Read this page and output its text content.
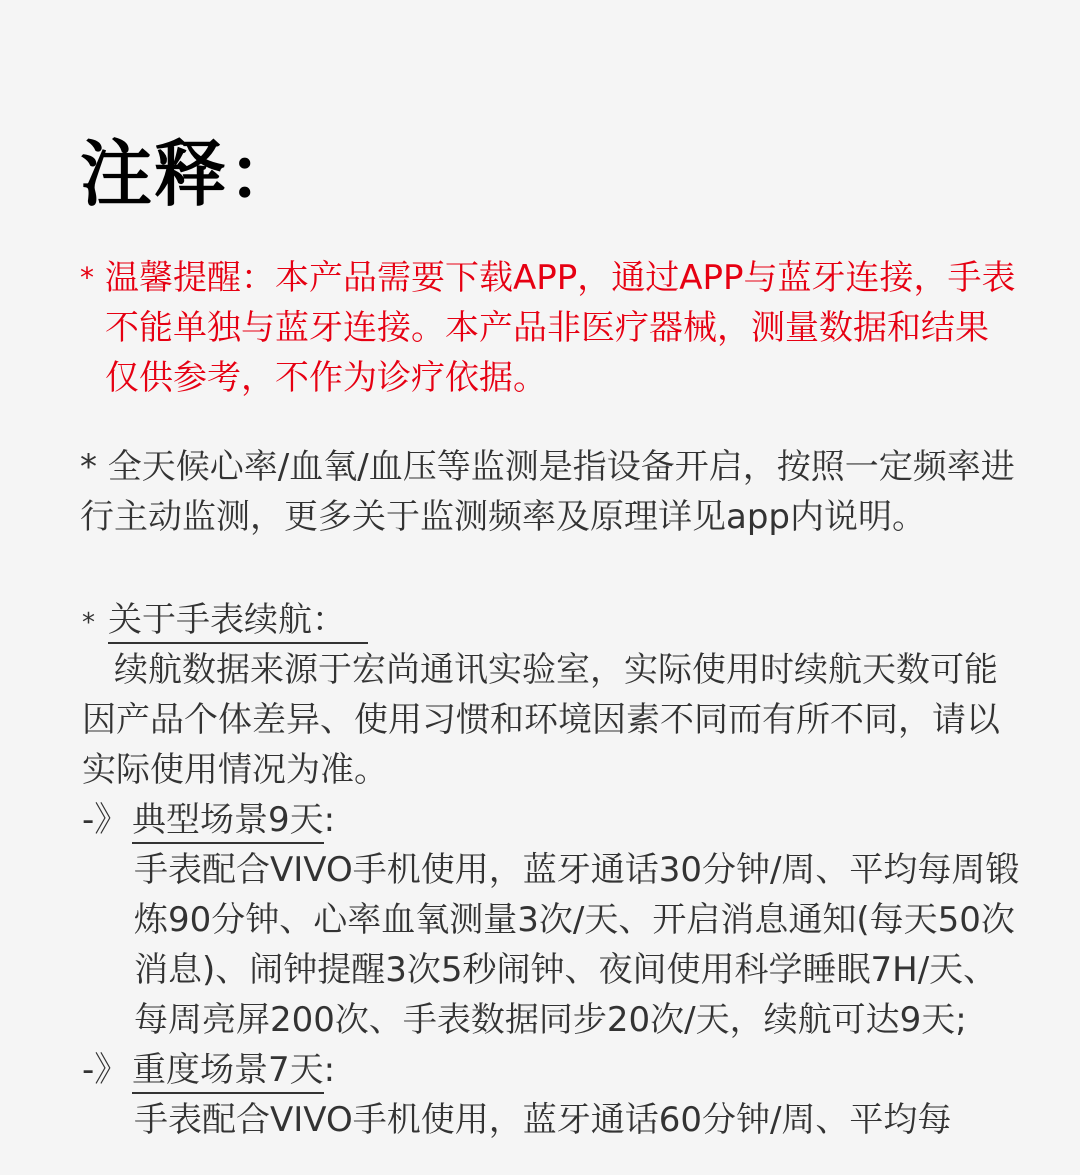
注释：
* 温馨提醒：本产品需要下载APP，通过APP与蓝牙连接，手表不能单独与蓝牙连接。本产品非医疗器械，测量数据和结果仅供参考，不作为诊疗依据。
* 全天候心率/血氧/血压等监测是指设备开启，按照一定频率进行主动监测，更多关于监测频率及原理详见app内说明。
* 关于手表续航：
续航数据来源于宏尚通讯实验室，实际使用时续航天数可能因产品个体差异、使用习惯和环境因素不同而有所不同，请以实际使用情况为准。
-》 典型场景9天:
手表配合VIVO手机使用，蓝牙通话30分钟/周、平均每周锻炼90分钟、心率血氧测量3次/天、开启消息通知(每天50次消息)、闹钟提醒3次5秒闹钟、夜间使用科学睡眠7H/天、每周亮屏200次、手表数据同步20次/天，续航可达9天;
-》 重度场景7天:
手表配合VIVO手机使用，蓝牙通话60分钟/周、平均每
